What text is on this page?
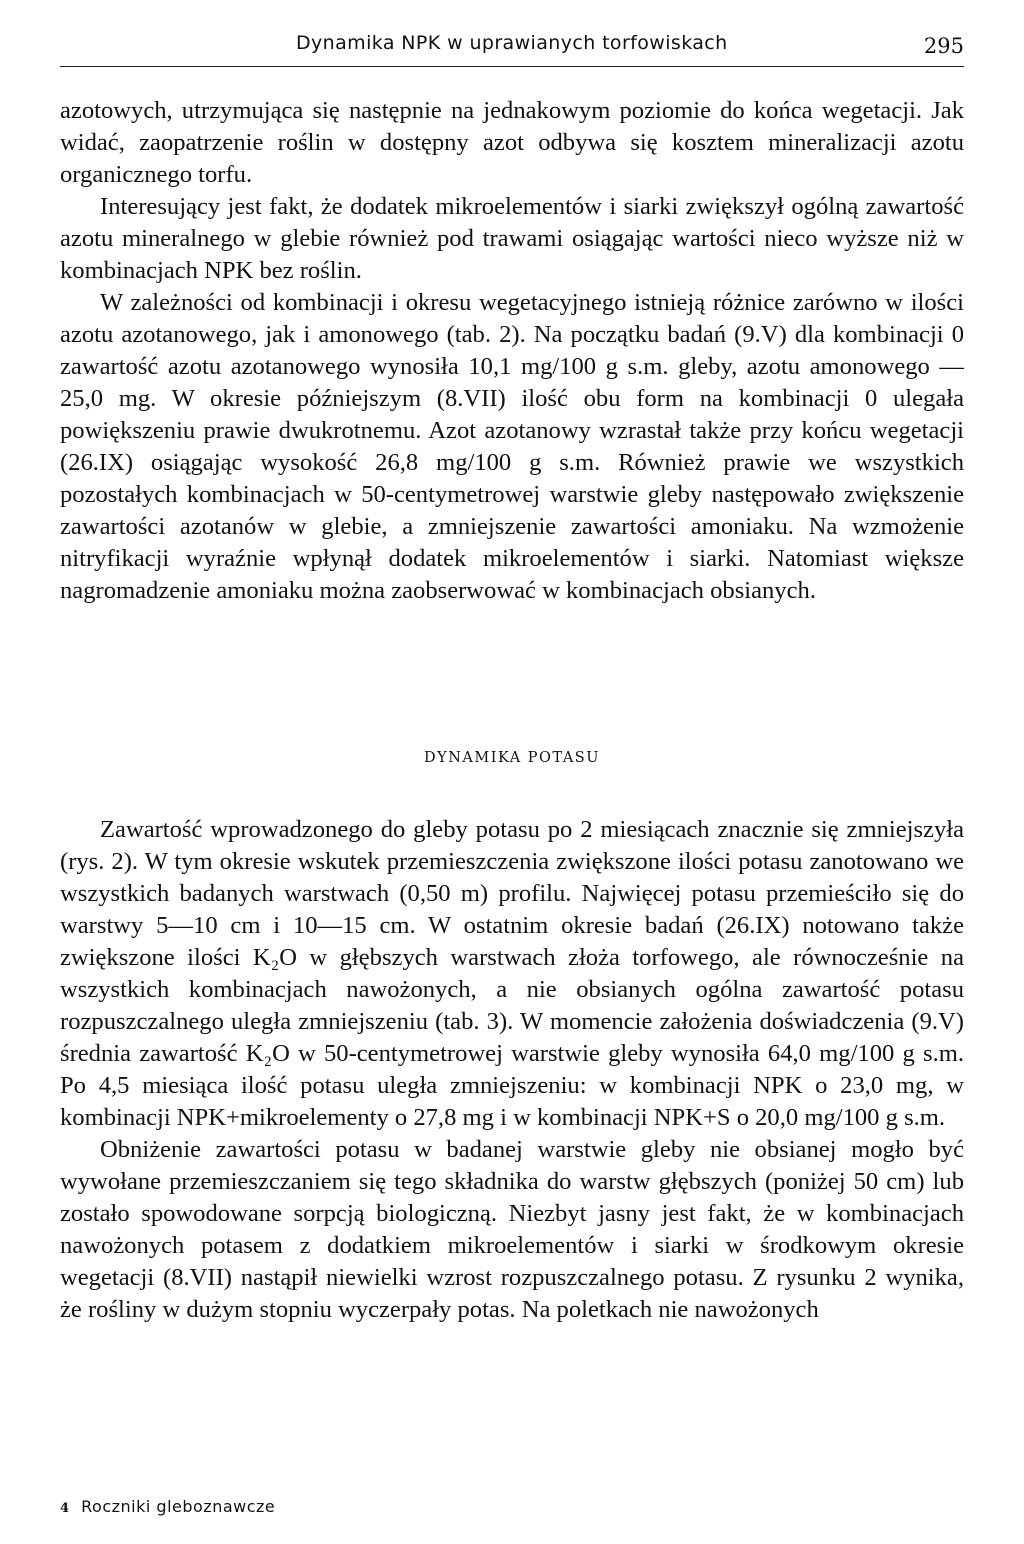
Dynamika NPK w uprawianych torfowiskach	295

azotowych, utrzymująca się następnie na jednakowym poziomie do końca wegetacji. Jak widać, zaopatrzenie roślin w dostępny azot odbywa się kosztem mineralizacji azotu organicznego torfu.

Interesujący jest fakt, że dodatek mikroelementów i siarki zwiększył ogólną zawartość azotu mineralnego w glebie również pod trawami osiągając wartości nieco wyższe niż w kombinacjach NPK bez roślin.

W zależności od kombinacji i okresu wegetacyjnego istnieją różnice zarówno w ilości azotu azotanowego, jak i amonowego (tab. 2). Na początku badań (9.V) dla kombinacji 0 zawartość azotu azotanowego wynosiła 10,1 mg/100 g s.m. gleby, azotu amonowego — 25,0 mg. W okresie późniejszym (8.VII) ilość obu form na kombinacji 0 ulegała powiększeniu prawie dwukrotnemu. Azot azotanowy wzrastał także przy końcu wegetacji (26.IX) osiągając wysokość 26,8 mg/100 g s.m. Również prawie we wszystkich pozostałych kombinacjach w 50-centymetrowej warstwie gleby następowało zwiększenie zawartości azotanów w glebie, a zmniejszenie zawartości amoniaku. Na wzmożenie nitryfikacji wyraźnie wpłynął dodatek mikroelementów i siarki. Natomiast większe nagromadzenie amoniaku można zaobserwować w kombinacjach obsianych.

DYNAMIKA POTASU

Zawartość wprowadzonego do gleby potasu po 2 miesiącach znacznie się zmniejszyła (rys. 2). W tym okresie wskutek przemieszczenia zwiększone ilości potasu zanotowano we wszystkich badanych warstwach (0,50 m) profilu. Najwięcej potasu przemieściło się do warstwy 5—10 cm i 10—15 cm. W ostatnim okresie badań (26.IX) notowano także zwiększone ilości K₂O w głębszych warstwach złoża torfowego, ale równocześnie na wszystkich kombinacjach nawożonych, a nie obsianych ogólna zawartość potasu rozpuszczalnego uległa zmniejszeniu (tab. 3). W momencie założenia doświadczenia (9.V) średnia zawartość K₂O w 50-centymetrowej warstwie gleby wynosiła 64,0 mg/100 g s.m. Po 4,5 miesiąca ilość potasu uległa zmniejszeniu: w kombinacji NPK o 23,0 mg, w kombinacji NPK+mikroelementy o 27,8 mg i w kombinacji NPK+S o 20,0 mg/100 g s.m.

Obniżenie zawartości potasu w badanej warstwie gleby nie obsianej mogło być wywołane przemieszczaniem się tego składnika do warstw głębszych (poniżej 50 cm) lub zostało spowodowane sorpcją biologiczną. Niezbyt jasny jest fakt, że w kombinacjach nawożonych potasem z dodatkiem mikroelementów i siarki w środkowym okresie wegetacji (8.VII) nastąpił niewielki wzrost rozpuszczalnego potasu. Z rysunku 2 wynika, że rośliny w dużym stopniu wyczerpały potas. Na poletkach nie nawożonych

4 Roczniki gleboznawcze
